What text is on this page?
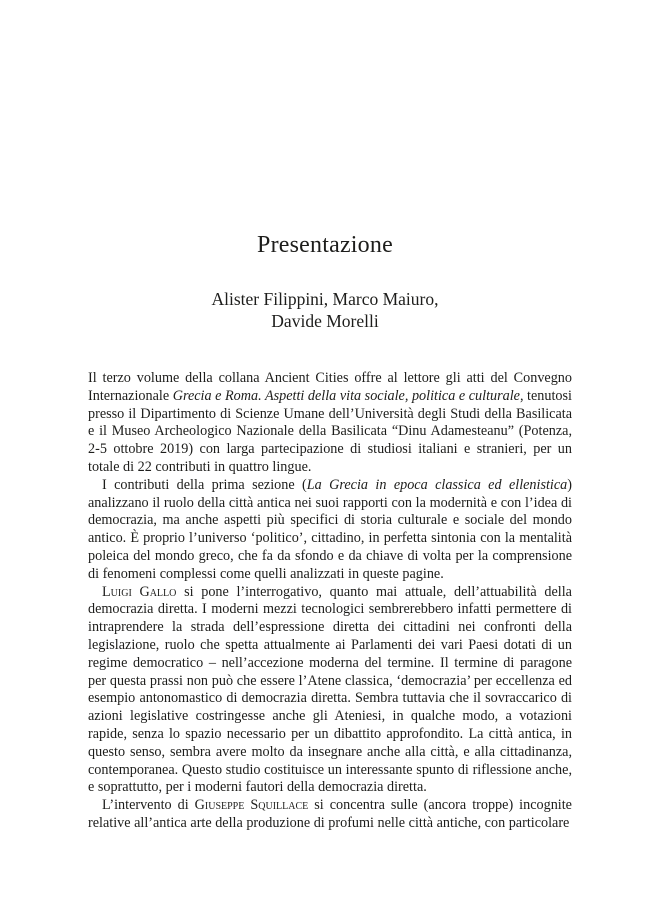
Presentazione
Alister Filippini, Marco Maiuro,
Davide Morelli

Il terzo volume della collana Ancient Cities offre al lettore gli atti del Convegno Internazionale Grecia e Roma. Aspetti della vita sociale, politica e culturale, tenutosi presso il Dipartimento di Scienze Umane dell’Università degli Studi della Basilicata e il Museo Archeologico Nazionale della Basilicata “Dinu Adamesteanu” (Potenza, 2-5 ottobre 2019) con larga partecipazione di studiosi italiani e stranieri, per un totale di 22 contributi in quattro lingue.

I contributi della prima sezione (La Grecia in epoca classica ed ellenistica) analizzano il ruolo della città antica nei suoi rapporti con la modernità e con l’idea di democrazia, ma anche aspetti più specifici di storia culturale e sociale del mondo antico. È proprio l’universo ‘politico’, cittadino, in perfetta sintonia con la mentalità poleica del mondo greco, che fa da sfondo e da chiave di volta per la comprensione di fenomeni complessi come quelli analizzati in queste pagine.

Luigi Gallo si pone l’interrogativo, quanto mai attuale, dell’attuabilità della democrazia diretta. I moderni mezzi tecnologici sembrerebbero infatti permettere di intraprendere la strada dell’espressione diretta dei cittadini nei confronti della legislazione, ruolo che spetta attualmente ai Parlamenti dei vari Paesi dotati di un regime democratico – nell’accezione moderna del termine. Il termine di paragone per questa prassi non può che essere l’Atene classica, ‘democrazia’ per eccellenza ed esempio antonomastico di democrazia diretta. Sembra tuttavia che il sovraccarico di azioni legislative costringesse anche gli Ateniesi, in qualche modo, a votazioni rapide, senza lo spazio necessario per un dibattito approfondito. La città antica, in questo senso, sembra avere molto da insegnare anche alla città, e alla cittadinanza, contemporanea. Questo studio costituisce un interessante spunto di riflessione anche, e soprattutto, per i moderni fautori della democrazia diretta.

L’intervento di Giuseppe Squillace si concentra sulle (ancora troppe) incognite relative all’antica arte della produzione di profumi nelle città antiche, con particolare
